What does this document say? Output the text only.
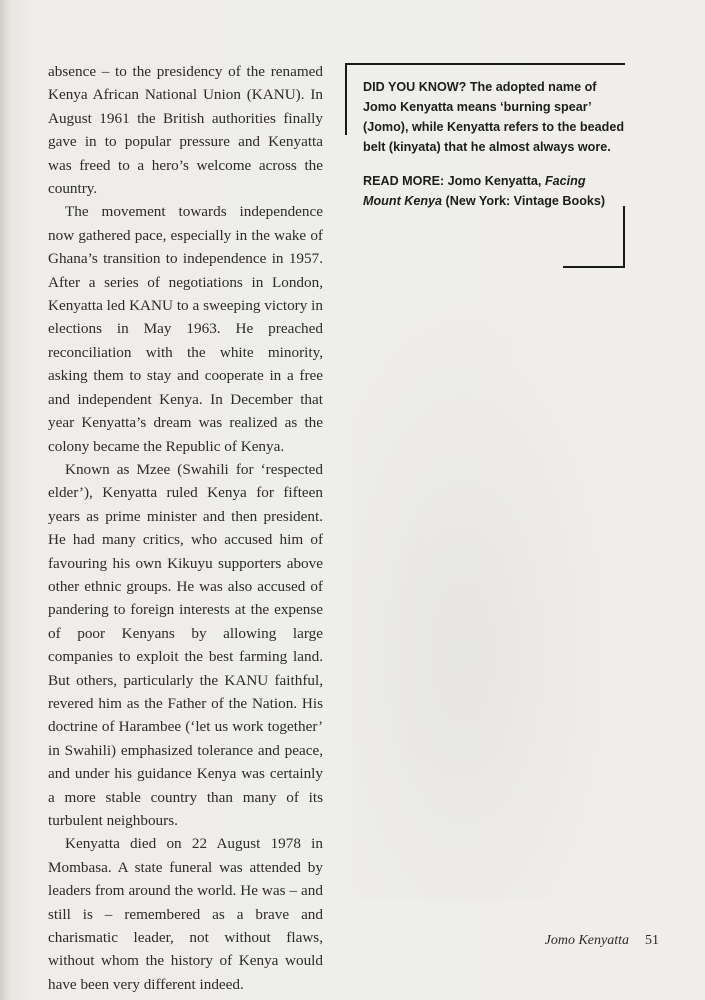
absence – to the presidency of the renamed Kenya African National Union (KANU). In August 1961 the British authorities finally gave in to popular pressure and Kenyatta was freed to a hero’s welcome across the country.

The movement towards independence now gathered pace, especially in the wake of Ghana’s transition to independence in 1957. After a series of negotiations in London, Kenyatta led KANU to a sweeping victory in elections in May 1963. He preached reconciliation with the white minority, asking them to stay and cooperate in a free and independent Kenya. In December that year Kenyatta’s dream was realized as the colony became the Republic of Kenya.

Known as Mzee (Swahili for ‘respected elder’), Kenyatta ruled Kenya for fifteen years as prime minister and then president. He had many critics, who accused him of favouring his own Kikuyu supporters above other ethnic groups. He was also accused of pandering to foreign interests at the expense of poor Kenyans by allowing large companies to exploit the best farming land. But others, particularly the KANU faithful, revered him as the Father of the Nation. His doctrine of Harambee (‘let us work together’ in Swahili) emphasized tolerance and peace, and under his guidance Kenya was certainly a more stable country than many of its turbulent neighbours.

Kenyatta died on 22 August 1978 in Mombasa. A state funeral was attended by leaders from around the world. He was – and still is – remembered as a brave and charismatic leader, not without flaws, without whom the history of Kenya would have been very different indeed.

DID YOU KNOW? The adopted name of Jomo Kenyatta means ‘burning spear’ (Jomo), while Kenyatta refers to the beaded belt (kinyata) that he almost always wore.

READ MORE: Jomo Kenyatta, Facing Mount Kenya (New York: Vintage Books)

Jomo Kenyatta 51
